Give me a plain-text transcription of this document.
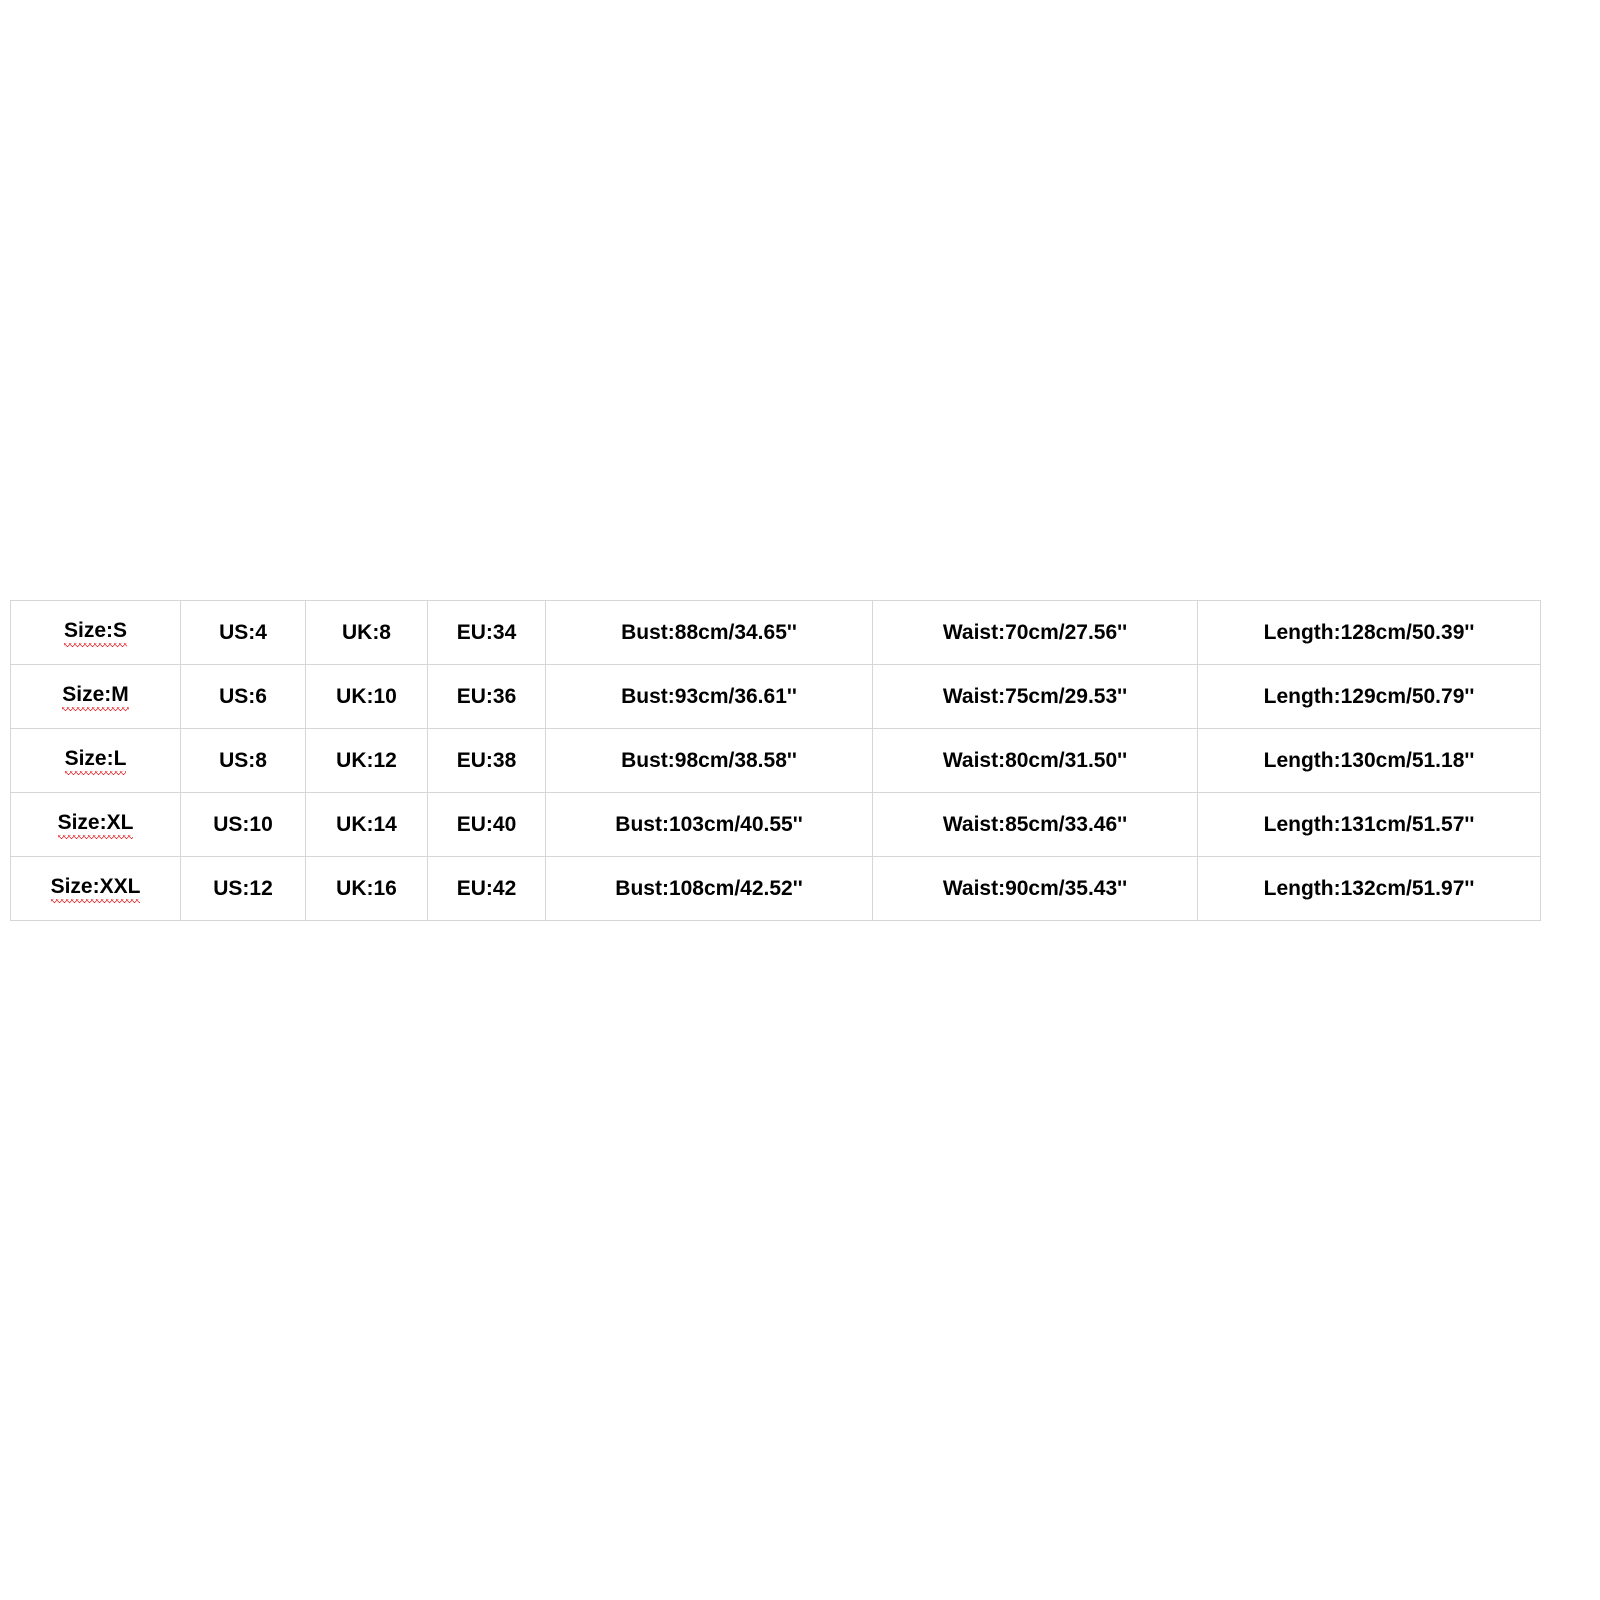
Size:S	US:4	UK:8	EU:34	Bust:88cm/34.65''	Waist:70cm/27.56''	Length:128cm/50.39''
Size:M	US:6	UK:10	EU:36	Bust:93cm/36.61''	Waist:75cm/29.53''	Length:129cm/50.79''
Size:L	US:8	UK:12	EU:38	Bust:98cm/38.58''	Waist:80cm/31.50''	Length:130cm/51.18''
Size:XL	US:10	UK:14	EU:40	Bust:103cm/40.55''	Waist:85cm/33.46''	Length:131cm/51.57''
Size:XXL	US:12	UK:16	EU:42	Bust:108cm/42.52''	Waist:90cm/35.43''	Length:132cm/51.97''
